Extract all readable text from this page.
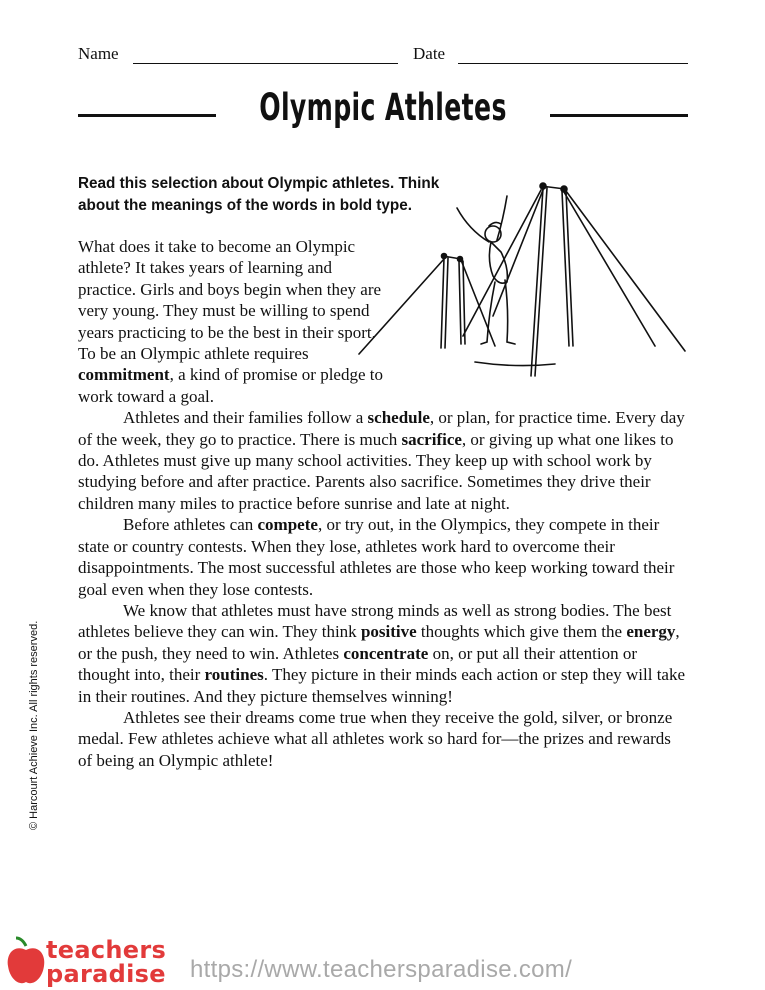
Name	Date
Olympic Athletes
Read this selection about Olympic athletes. Think about the meanings of the words in bold type.

What does it take to become an Olympic athlete? It takes years of learning and practice. Girls and boys begin when they are very young. They must be willing to spend years practicing to be the best in their sport. To be an Olympic athlete requires commitment, a kind of promise or pledge to work toward a goal.

Athletes and their families follow a schedule, or plan, for practice time. Every day of the week, they go to practice. There is much sacrifice, or giving up what one likes to do. Athletes must give up many school activities. They keep up with school work by studying before and after practice. Parents also sacrifice. Sometimes they drive their children many miles to practice before sunrise and late at night.

Before athletes can compete, or try out, in the Olympics, they compete in their state or country contests. When they lose, athletes work hard to overcome their disappointments. The most successful athletes are those who keep working toward their goal even when they lose contests.

We know that athletes must have strong minds as well as strong bodies. The best athletes believe they can win. They think positive thoughts which give them the energy, or the push, they need to win. Athletes concentrate on, or put all their attention or thought into, their routines. They picture in their minds each action or step they will take in their routines. And they picture themselves winning!

Athletes see their dreams come true when they receive the gold, silver, or bronze medal. Few athletes achieve what all athletes work so hard for—the prizes and rewards of being an Olympic athlete!

© Harcourt Achieve Inc. All rights reserved.
teachers
paradise https://www.teachersparadise.com/
